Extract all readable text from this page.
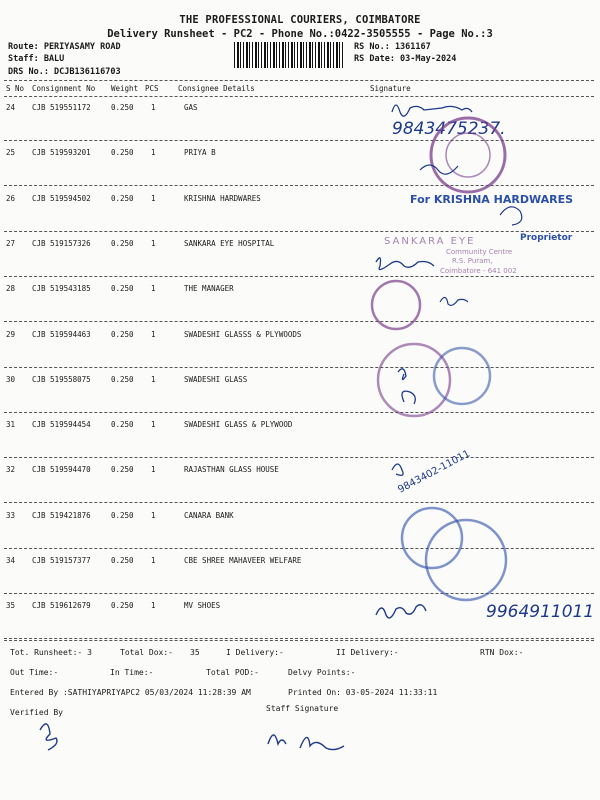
THE PROFESSIONAL COURIERS, COIMBATORE
Delivery Runsheet - PC2 - Phone No.:0422-3505555 - Page No.:3
Route: PERIYASAMY ROAD
Staff: BALU
DRS No.: DCJB136116703
RS No.: 1361167
RS Date: 03-May-2024
S No Consignment No Weight PCS	Consignee Details	Signature
24 CJB 519551172	0.250 1	GAS
25 CJB 519593201	0.250 1	PRIYA B
26 CJB 519594502	0.250 1	KRISHNA HARDWARES
27 CJB 519157326	0.250 1	SANKARA EYE HOSPITAL
28 CJB 519543185	0.250 1	THE MANAGER
29 CJB 519594463	0.250 1	SWADESHI GLASSS & PLYWOODS
30 CJB 519558075	0.250 1	SWADESHI GLASS
31 CJB 519594454	0.250 1	SWADESHI GLASS & PLYWOOD
32 CJB 519594470	0.250 1	RAJASTHAN GLASS HOUSE
33 CJB 519421876	0.250 1	CANARA BANK
34 CJB 519157377	0.250 1	CBE SHREE MAHAVEER WELFARE
35 CJB 519612679	0.250 1	MV SHOES
9843475237.
For KRISHNA HARDWARES
Proprietor
SANKARA EYE
Community Centre
R.S. Puram,
Coimbatore - 641 002
9843402-11011
9964911011
Tot. Runsheet:- 3	Total Dox:- 35	I Delivery:-	II Delivery:-	RTN Dox:-
Out Time:-	In Time:-	Total POD:-	Delvy Points:-
Entered By :SATHIYAPRIYAPC2 05/03/2024 11:28:39 AM	Printed On: 03-05-2024 11:33:11
Verified By	Staff Signature
